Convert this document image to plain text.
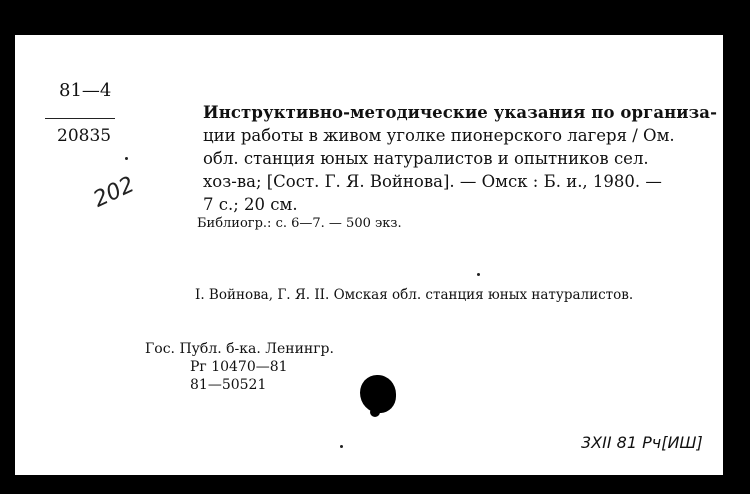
81—4
20835
202
Инструктивно-методические указания по организа-
ции работы в живом уголке пионерского лагеря / Ом.
обл. станция юных натуралистов и опытников сел.
хоз-ва; [Сост. Г. Я. Войнова]. — Омск : Б. и., 1980. —
7 с.; 20 см.
Библиогр.: с. 6—7. — 500 экз.
I. Войнова, Г. Я. II. Омская обл. станция юных натуралистов.
Гос. Публ. б-ка. Ленингр.
Рг 10470—81
81—50521
3XII 81 Рч[ИШ]
